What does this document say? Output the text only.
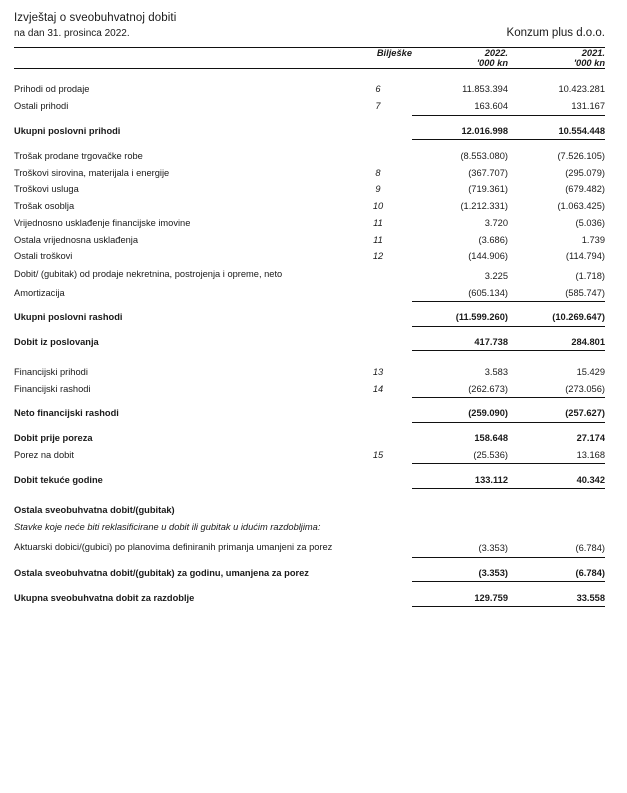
Izvještaj o sveobuhvatnoj dobiti
na dan 31. prosinca 2022.	Konzum plus d.o.o.

	Bilješke	2022.	2021.
		'000 kn	'000 kn

Prihodi od prodaje	6	11.853.394	10.423.281
Ostali prihodi	7	163.604	131.167

Ukupni poslovni prihodi		12.016.998	10.554.448

Trošak prodane trgovačke robe		(8.553.080)	(7.526.105)
Troškovi sirovina, materijala i energije	8	(367.707)	(295.079)
Troškovi usluga	9	(719.361)	(679.482)
Trošak osoblja	10	(1.212.331)	(1.063.425)
Vrijednosno usklađenje financijske imovine	11	3.720	(5.036)
Ostala vrijednosna usklađenja	11	(3.686)	1.739
Ostali troškovi	12	(144.906)	(114.794)
Dobit/ (gubitak) od prodaje nekretnina, postrojenja i opreme, neto		3.225	(1.718)
Amortizacija		(605.134)	(585.747)

Ukupni poslovni rashodi		(11.599.260)	(10.269.647)

Dobit iz poslovanja		417.738	284.801

Financijski prihodi	13	3.583	15.429
Financijski rashodi	14	(262.673)	(273.056)

Neto financijski rashodi		(259.090)	(257.627)

Dobit prije poreza		158.648	27.174
Porez na dobit	15	(25.536)	13.168

Dobit tekuće godine		133.112	40.342

Ostala sveobuhvatna dobit/(gubitak)			
Stavke koje neće biti reklasificirane u dobit ili gubitak u idućim razdobljima:			
Aktuarski dobici/(gubici) po planovima definiranih primanja umanjeni za porez		(3.353)	(6.784)

Ostala sveobuhvatna dobit/(gubitak) za godinu, umanjena za porez		(3.353)	(6.784)

Ukupna sveobuhvatna dobit za razdoblje		129.759	33.558
